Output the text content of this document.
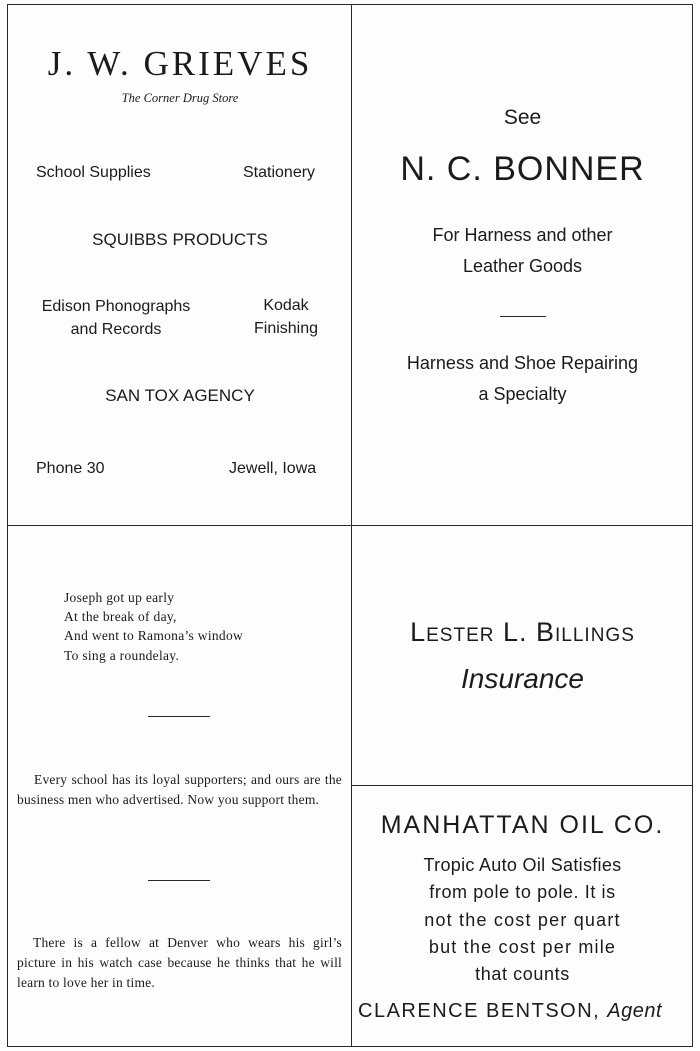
J. W. GRIEVES
The Corner Drug Store
School Supplies	Stationery
SQUIBBS PRODUCTS
Edison Phonographs
and Records
Kodak
Finishing
SAN TOX AGENCY
Phone 30	Jewell, Iowa
See
N. C. BONNER
For Harness and other
Leather Goods
Harness and Shoe Repairing
a Specialty
Joseph got up early
At the break of day,
And went to Ramona’s window
To sing a roundelay.
Every school has its loyal supporters; and ours are the business men who advertised. Now you support them.
There is a fellow at Denver who wears his girl’s picture in his watch case because he thinks that he will learn to love her in time.
Lester L. Billings
Insurance
MANHATTAN OIL CO.
Tropic Auto Oil Satisfies
from pole to pole. It is
not the cost per quart
but the cost per mile
that counts
CLARENCE BENTSON, Agent
